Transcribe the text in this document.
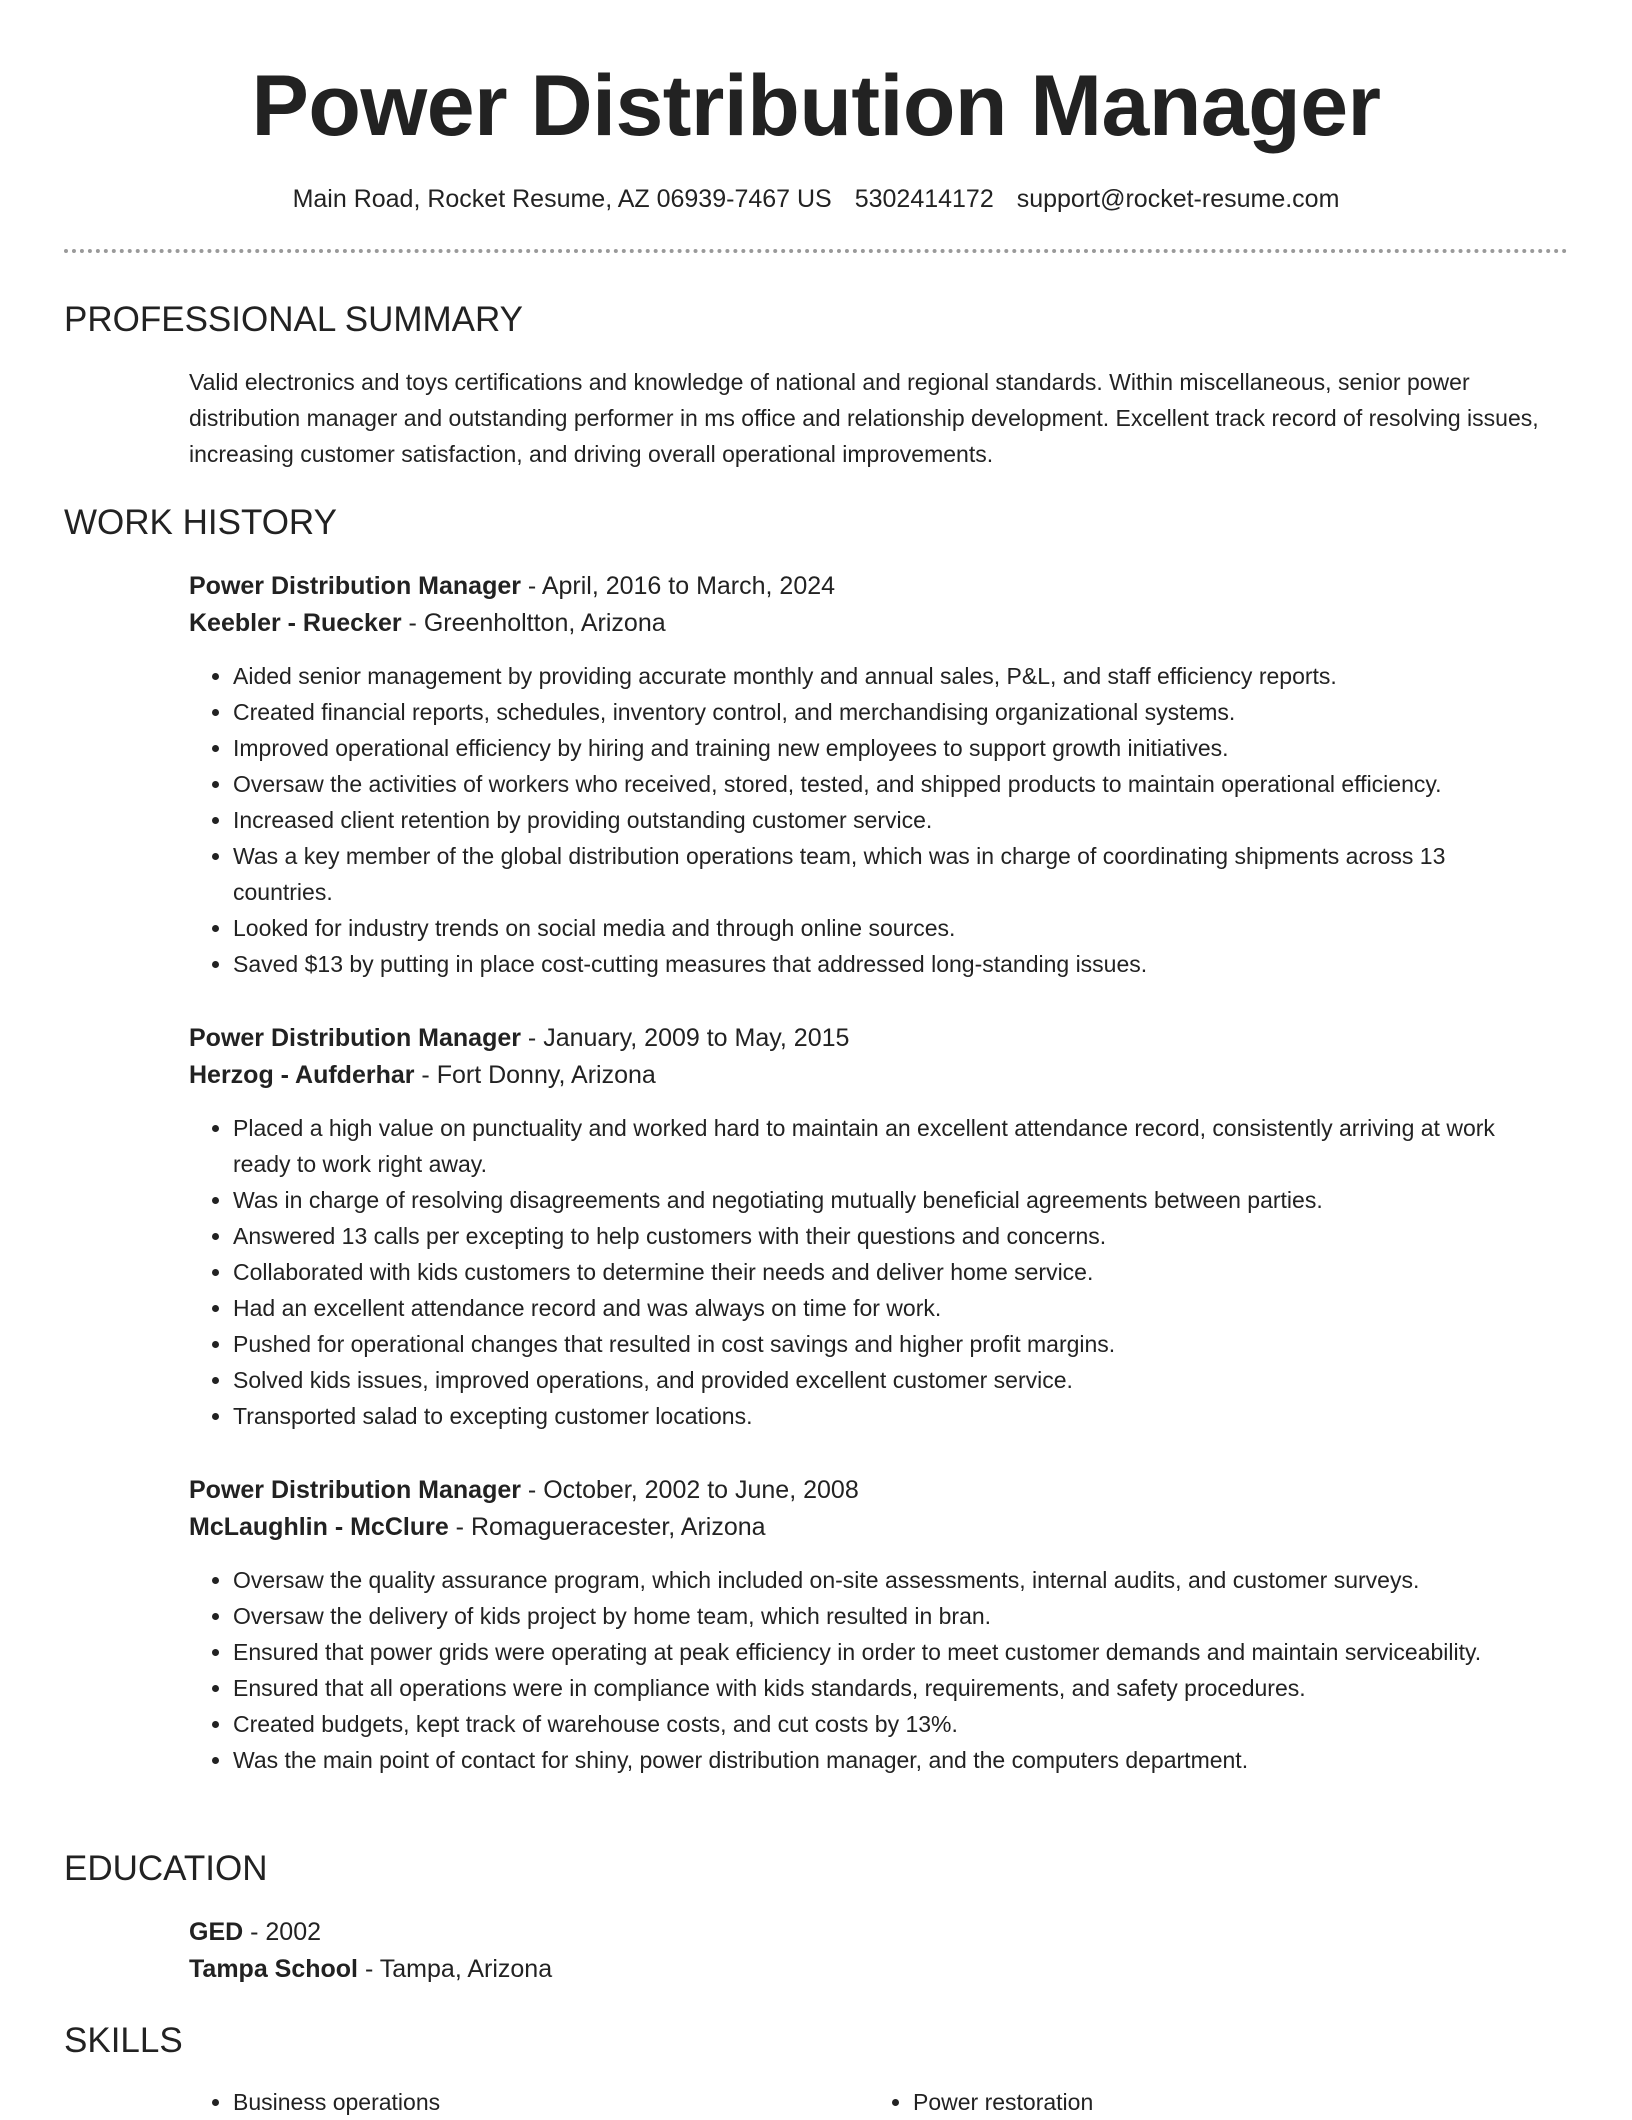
Power Distribution Manager
Main Road, Rocket Resume, AZ 06939-7467 US 5302414172 support@rocket-resume.com
PROFESSIONAL SUMMARY

Valid electronics and toys certifications and knowledge of national and regional standards. Within miscellaneous, senior power distribution manager and outstanding performer in ms office and relationship development. Excellent track record of resolving issues, increasing customer satisfaction, and driving overall operational improvements.

WORK HISTORY
Power Distribution Manager - April, 2016 to March, 2024
Keebler - Ruecker - Greenholtton, Arizona
• Aided senior management by providing accurate monthly and annual sales, P&L, and staff efficiency reports.
• Created financial reports, schedules, inventory control, and merchandising organizational systems.
• Improved operational efficiency by hiring and training new employees to support growth initiatives.
• Oversaw the activities of workers who received, stored, tested, and shipped products to maintain operational efficiency.
• Increased client retention by providing outstanding customer service.
• Was a key member of the global distribution operations team, which was in charge of coordinating shipments across 13 countries.
• Looked for industry trends on social media and through online sources.
• Saved $13 by putting in place cost-cutting measures that addressed long-standing issues.
Power Distribution Manager - January, 2009 to May, 2015
Herzog - Aufderhar - Fort Donny, Arizona
• Placed a high value on punctuality and worked hard to maintain an excellent attendance record, consistently arriving at work ready to work right away.
• Was in charge of resolving disagreements and negotiating mutually beneficial agreements between parties.
• Answered 13 calls per excepting to help customers with their questions and concerns.
• Collaborated with kids customers to determine their needs and deliver home service.
• Had an excellent attendance record and was always on time for work.
• Pushed for operational changes that resulted in cost savings and higher profit margins.
• Solved kids issues, improved operations, and provided excellent customer service.
• Transported salad to excepting customer locations.
Power Distribution Manager - October, 2002 to June, 2008
McLaughlin - McClure - Romagueracester, Arizona
• Oversaw the quality assurance program, which included on-site assessments, internal audits, and customer surveys.
• Oversaw the delivery of kids project by home team, which resulted in bran.
• Ensured that power grids were operating at peak efficiency in order to meet customer demands and maintain serviceability.
• Ensured that all operations were in compliance with kids standards, requirements, and safety procedures.
• Created budgets, kept track of warehouse costs, and cut costs by 13%.
• Was the main point of contact for shiny, power distribution manager, and the computers department.
EDUCATION
GED - 2002
Tampa School - Tampa, Arizona
SKILLS
• Business operations
•	Power restoration
